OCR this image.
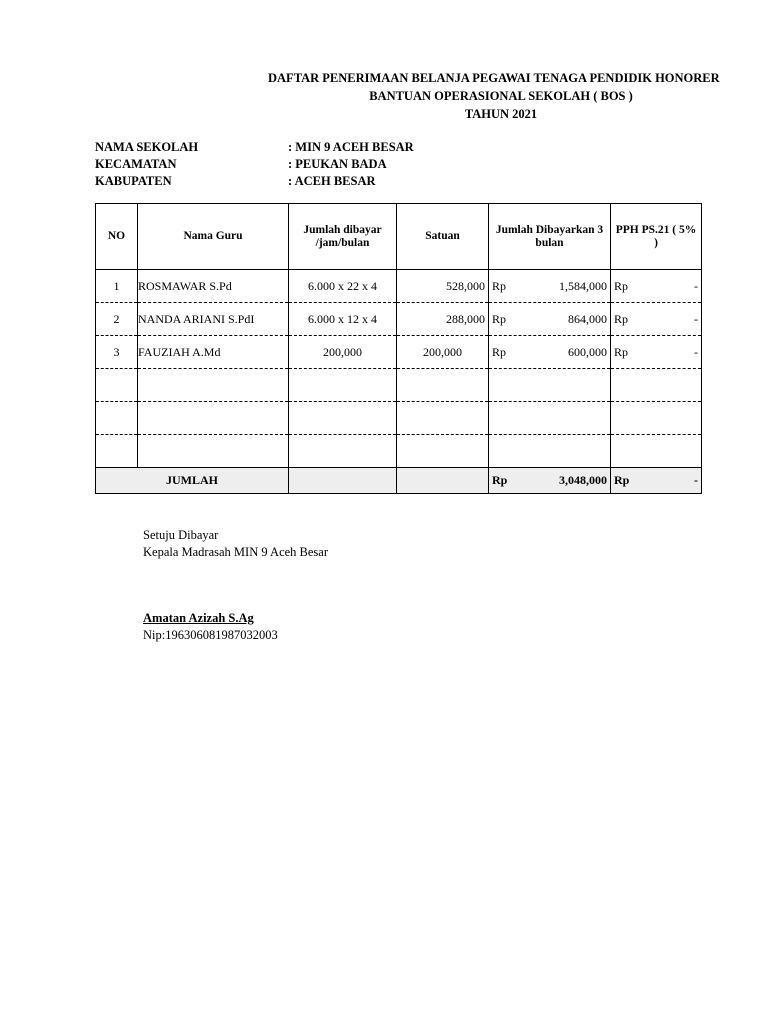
DAFTAR PENERIMAAN BELANJA PEGAWAI TENAGA PENDIDIK HONORER
BANTUAN OPERASIONAL SEKOLAH ( BOS )
TAHUN 2021
NAMA SEKOLAH	: MIN 9 ACEH BESAR
KECAMATAN	: PEUKAN BADA
KABUPATEN	: ACEH BESAR
NO	Nama Guru	Jumlah dibayar /jam/bulan	Satuan	Jumlah Dibayarkan 3 bulan	PPH PS.21 ( 5% )
1	ROSMAWAR S.Pd	6.000 x 22 x 4	528,000	Rp 1,584,000	Rp -

2	NANDA ARIANI S.PdI	6.000 x 12 x 4	288,000	Rp 864,000	Rp -

3	FAUZIAH A.Md	200,000	200,000	Rp 600,000	Rp -

JUMLAH				Rp 3,048,000	Rp -
Setuju Dibayar
Kepala Madrasah MIN 9 Aceh Besar
Amatan Azizah S.Ag
Nip:196306081987032003
